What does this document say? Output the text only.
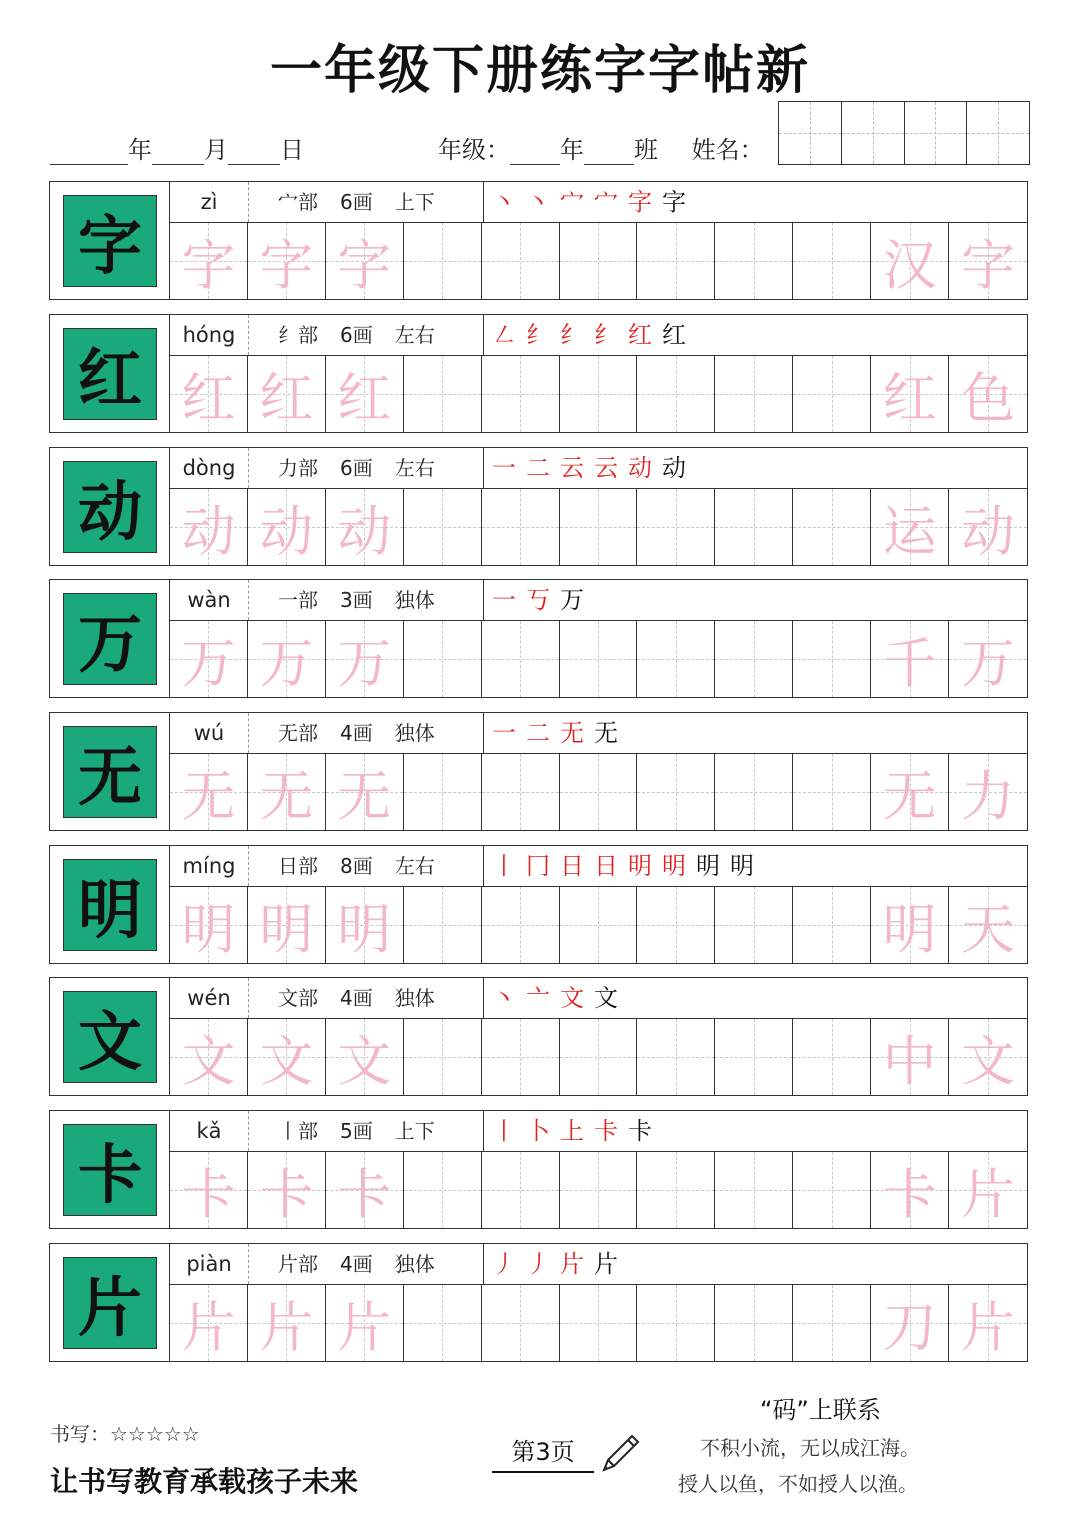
一年级下册练字字帖新
年 月 日	年级： 年 班 姓名：
字
zì	宀部 6画 上下	丶 丶 宀 宀 字 字
字 字 字	汉 字
红
hóng	纟部 6画 左右	㇜ 纟 纟 纟 红 红
红 红 红	红 色
动
dòng	力部 6画 左右	一 二 云 云 动 动
动 动 动	运 动
万
wàn	一部 3画 独体	一 丂 万
万 万 万	千 万
无
wú	无部 4画 独体	一 二 无 无
无 无 无	无 力
明
míng	日部 8画 左右	丨 冂 日 日 明 明 明 明
明 明 明	明 天
文
wén	文部 4画 独体	丶 亠 文 文
文 文 文	中 文
卡
kǎ	丨部 5画 上下	丨 卜 上 卡 卡
卡 卡 卡	卡 片
片
piàn	片部 4画 独体	丿 丿 片 片
片 片 片	刀 片
书写：☆☆☆☆☆
让书写教育承载孩子未来
第3页
“码”上联系
不积小流，无以成江海。
授人以鱼，不如授人以渔。
